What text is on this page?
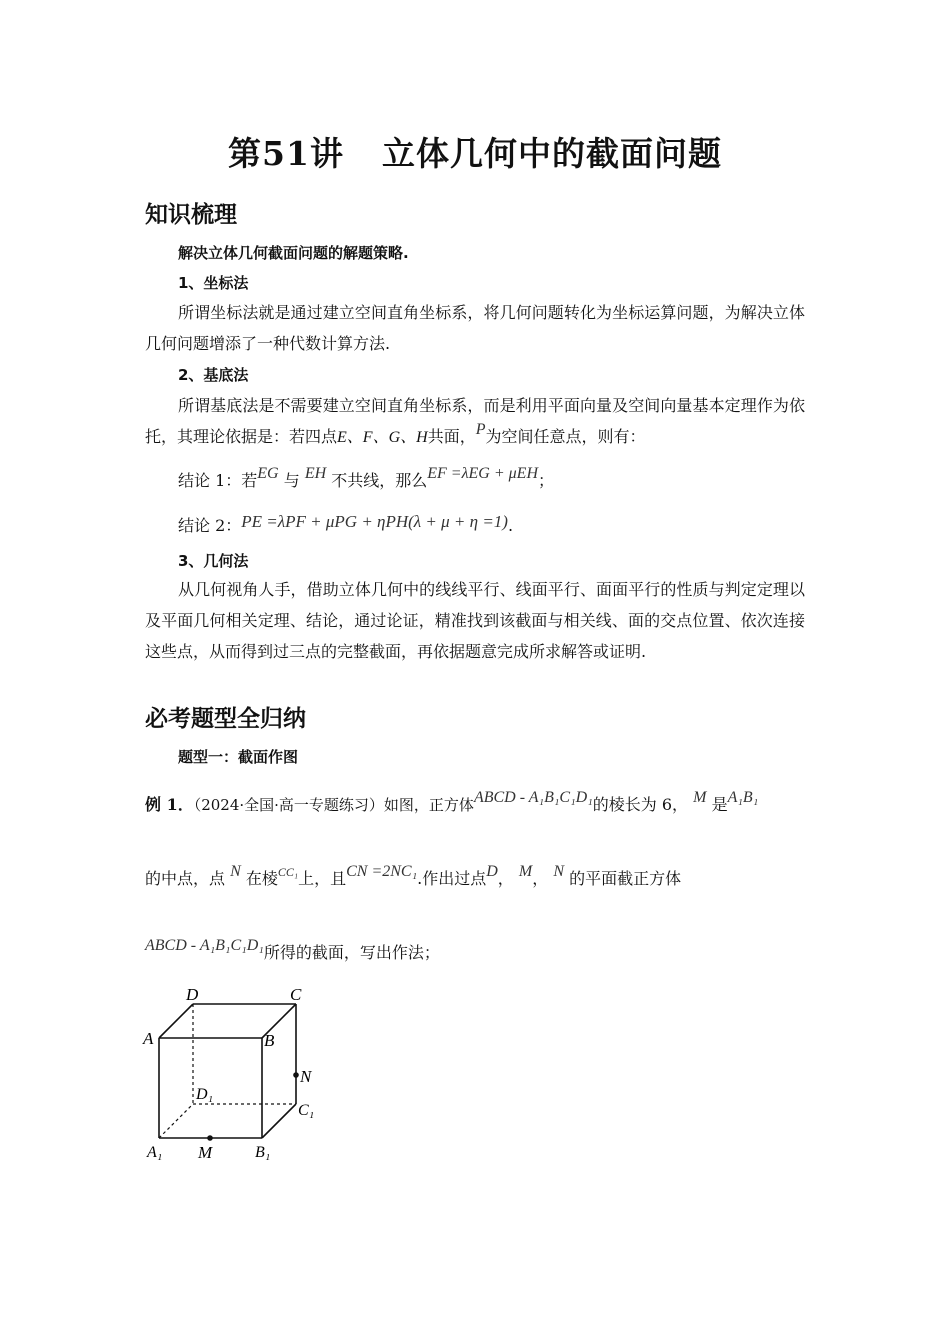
第51讲 立体几何中的截面问题
知识梳理
解决立体几何截面问题的解题策略.
1、坐标法
所谓坐标法就是通过建立空间直角坐标系，将几何问题转化为坐标运算问题，为解决立体几何问题增添了一种代数计算方法.
2、基底法
所谓基底法是不需要建立空间直角坐标系，而是利用平面向量及空间向量基本定理作为依托，其理论依据是：若四点E、F、G、H共面，P为空间任意点，则有：
结论 1：若EG 与 EH 不共线，那么EF =λEG + μEH；
结论 2：PE =λPF + μPG + ηPH(λ + μ + η =1).
3、几何法
从几何视角人手，借助立体几何中的线线平行、线面平行、面面平行的性质与判定定理以及平面几何相关定理、结论，通过论证，精准找到该截面与相关线、面的交点位置、依次连接这些点，从而得到过三点的完整截面，再依据题意完成所求解答或证明.
必考题型全归纳
题型一：截面作图
例 1．（2024·全国·高一专题练习）如图，正方体ABCD - A₁B₁C₁D₁的棱长为 6， M 是A₁B₁
的中点，点 N 在棱$^{CC_1}$上，且CN =2NC₁.作出过点D， M， N 的平面截正方体
ABCD - A₁B₁C₁D₁所得的截面，写出作法；
D	C
A	B
N
D₁
C₁
A₁ M	B₁
